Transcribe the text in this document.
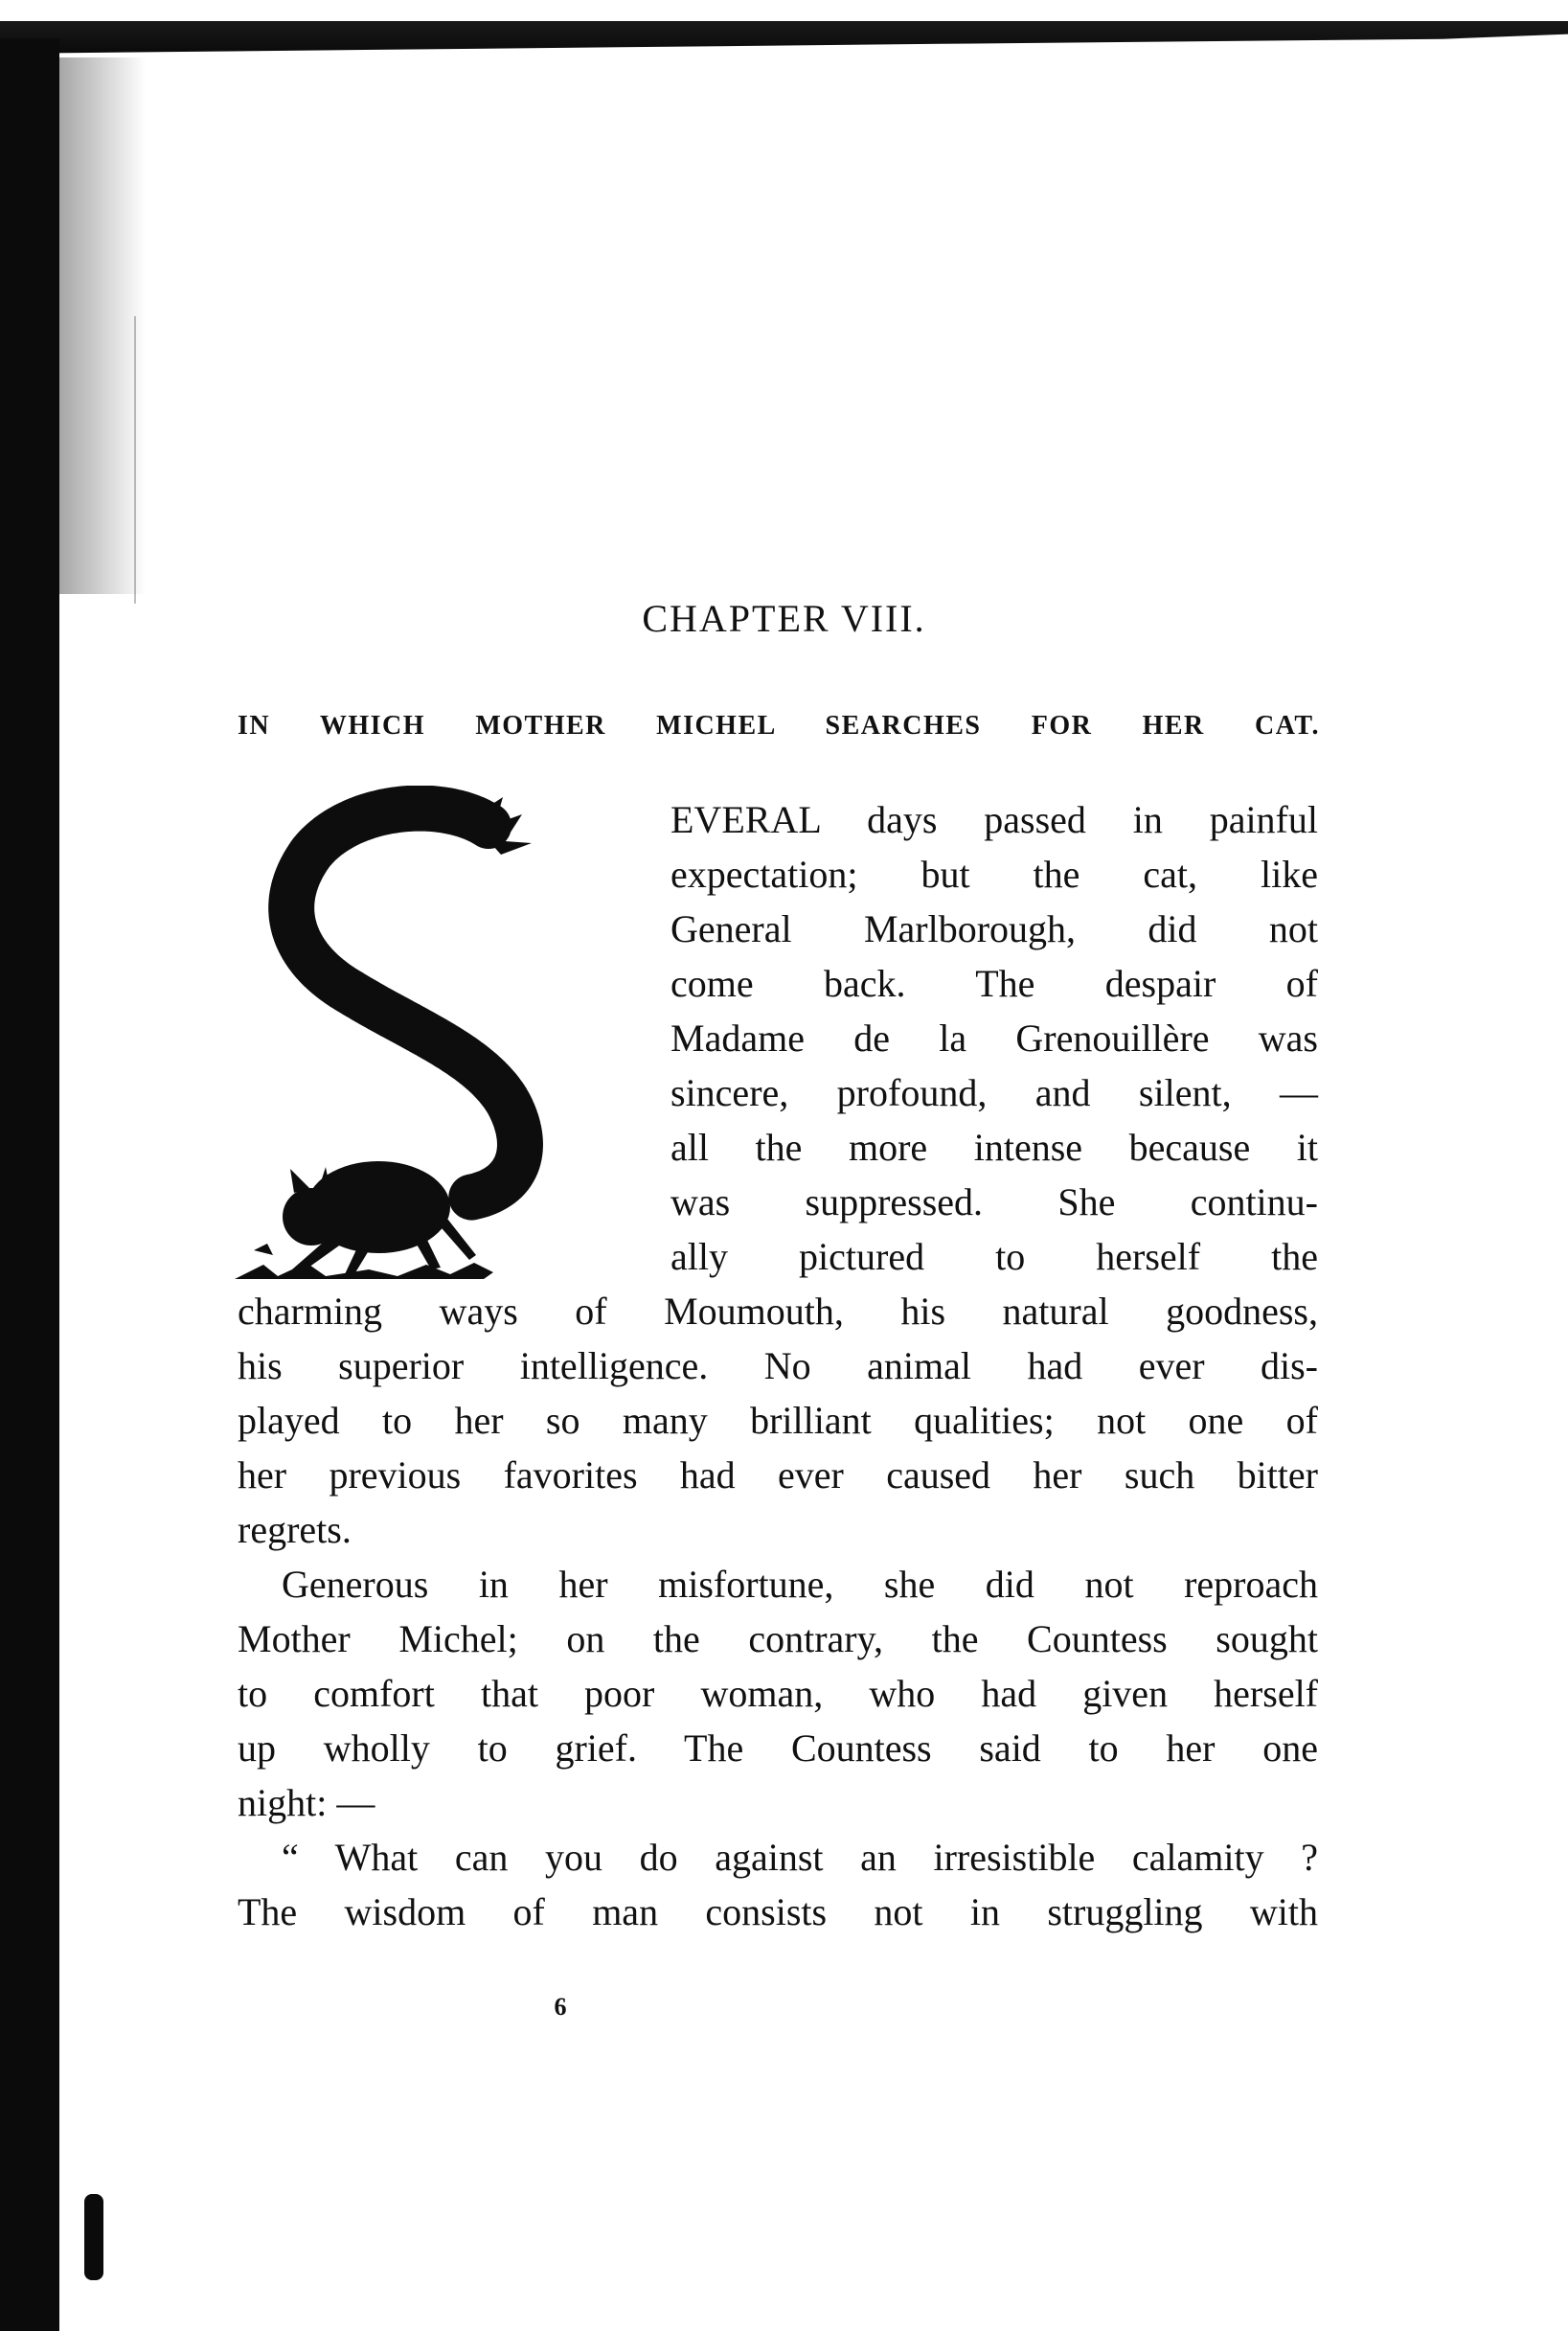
CHAPTER VIII.
IN WHICH MOTHER MICHEL SEARCHES FOR HER CAT.
EVERAL days passed in painful
expectation; but the cat, like
General Marlborough, did not
come back. The despair of
Madame de la Grenouillère was
sincere, profound, and silent, —
all the more intense because it
was suppressed. She continu-
ally pictured to herself the
charming ways of Moumouth, his natural goodness,
his superior intelligence. No animal had ever dis-
played to her so many brilliant qualities; not one of
her previous favorites had ever caused her such bitter
regrets.
Generous in her misfortune, she did not reproach
Mother Michel; on the contrary, the Countess sought
to comfort that poor woman, who had given herself
up wholly to grief. The Countess said to her one
night: —
“ What can you do against an irresistible calamity ?
The wisdom of man consists not in struggling with
6
